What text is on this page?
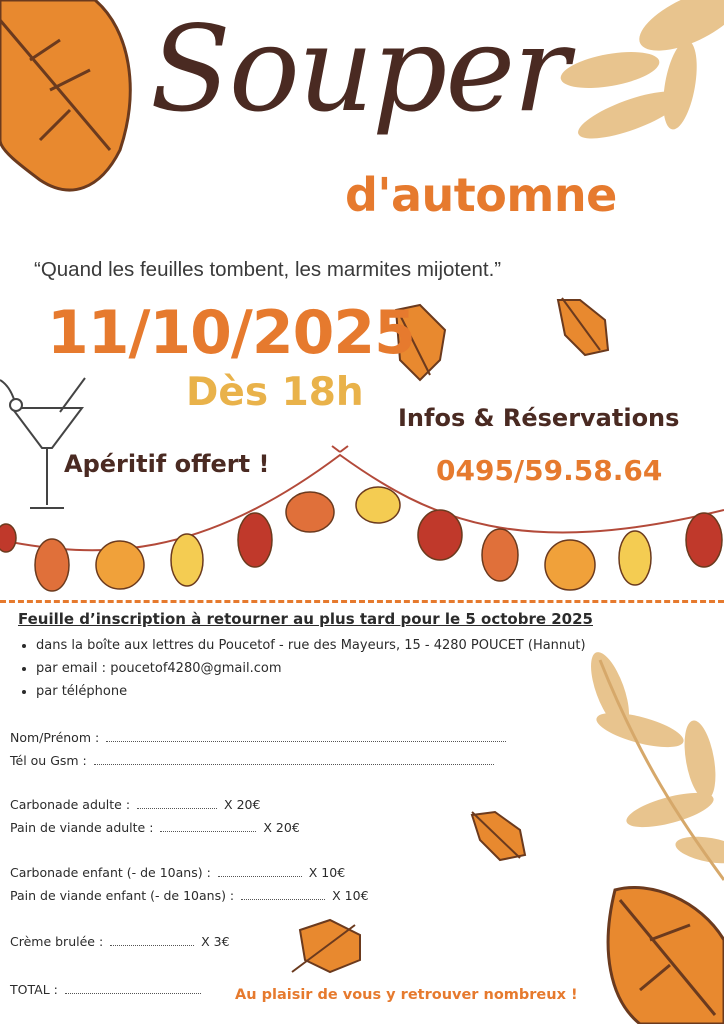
Souper
d'automne
“Quand les feuilles tombent, les marmites mijotent.”
11/10/2025
Dès 18h
Apéritif offert !
Infos & Réservations
0495/59.58.64
Feuille d’inscription à retourner au plus tard pour le 5 octobre 2025
• dans la boîte aux lettres du Poucetof - rue des Mayeurs, 15 - 4280 POUCET (Hannut)
• par email : poucetof4280@gmail.com
• par téléphone
Nom/Prénom :
Tél ou Gsm :
Carbonade adulte :	X 20€
Pain de viande adulte :	X 20€
Carbonade enfant (- de 10ans) :	X 10€
Pain de viande enfant (- de 10ans) :	X 10€
Crème brulée :	X 3€
TOTAL :	Au plaisir de vous y retrouver nombreux !
